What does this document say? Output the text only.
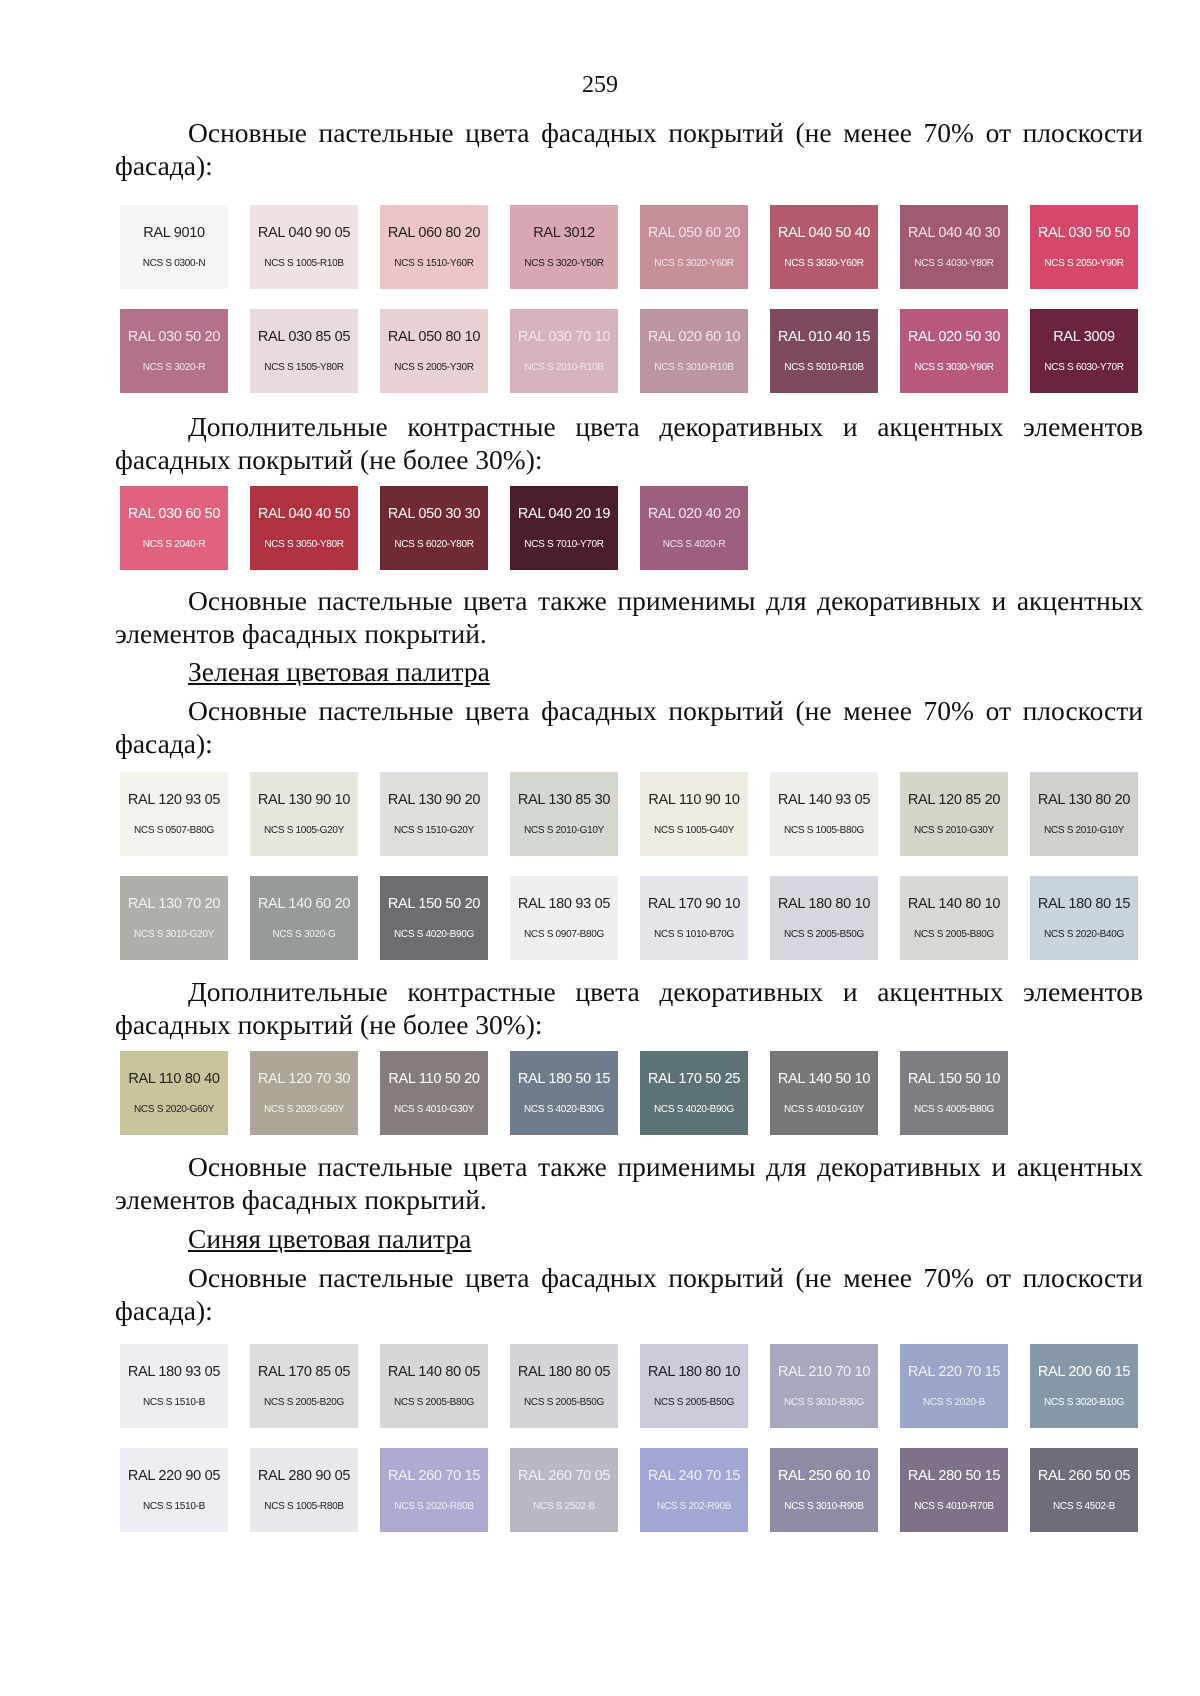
259

Основные пастельные цвета фасадных покрытий (не менее 70% от плоскости фасада):

RAL 9010
NCS S 0300-N
RAL 040 90 05
NCS S 1005-R10B
RAL 060 80 20
NCS S 1510-Y60R
RAL 3012
NCS S 3020-Y50R
RAL 050 60 20
NCS S 3020-Y60R
RAL 040 50 40
NCS S 3030-Y60R
RAL 040 40 30
NCS S 4030-Y80R
RAL 030 50 50
NCS S 2050-Y90R
RAL 030 50 20
NCS S 3020-R
RAL 030 85 05
NCS S 1505-Y80R
RAL 050 80 10
NCS S 2005-Y30R
RAL 030 70 10
NCS S 2010-R10B
RAL 020 60 10
NCS S 3010-R10B
RAL 010 40 15
NCS S 5010-R10B
RAL 020 50 30
NCS S 3030-Y90R
RAL 3009
NCS S 6030-Y70R

Дополнительные контрастные цвета декоративных и акцентных элементов фасадных покрытий (не более 30%):

RAL 030 60 50
NCS S 2040-R
RAL 040 40 50
NCS S 3050-Y80R
RAL 050 30 30
NCS S 6020-Y80R
RAL 040 20 19
NCS S 7010-Y70R
RAL 020 40 20
NCS S 4020-R

Основные пастельные цвета также применимы для декоративных и акцентных элементов фасадных покрытий.

Зеленая цветовая палитра

Основные пастельные цвета фасадных покрытий (не менее 70% от плоскости фасада):

RAL 120 93 05
NCS S 0507-B80G
RAL 130 90 10
NCS S 1005-G20Y
RAL 130 90 20
NCS S 1510-G20Y
RAL 130 85 30
NCS S 2010-G10Y
RAL 110 90 10
NCS S 1005-G40Y
RAL 140 93 05
NCS S 1005-B80G
RAL 120 85 20
NCS S 2010-G30Y
RAL 130 80 20
NCS S 2010-G10Y
RAL 130 70 20
NCS S 3010-G20Y
RAL 140 60 20
NCS S 3020-G
RAL 150 50 20
NCS S 4020-B90G
RAL 180 93 05
NCS S 0907-B80G
RAL 170 90 10
NCS S 1010-B70G
RAL 180 80 10
NCS S 2005-B50G
RAL 140 80 10
NCS S 2005-B80G
RAL 180 80 15
NCS S 2020-B40G

Дополнительные контрастные цвета декоративных и акцентных элементов фасадных покрытий (не более 30%):

RAL 110 80 40
NCS S 2020-G60Y
RAL 120 70 30
NCS S 2020-G50Y
RAL 110 50 20
NCS S 4010-G30Y
RAL 180 50 15
NCS S 4020-B30G
RAL 170 50 25
NCS S 4020-B90G
RAL 140 50 10
NCS S 4010-G10Y
RAL 150 50 10
NCS S 4005-B80G

Основные пастельные цвета также применимы для декоративных и акцентных элементов фасадных покрытий.

Синяя цветовая палитра

Основные пастельные цвета фасадных покрытий (не менее 70% от плоскости фасада):

RAL 180 93 05
NCS S 1510-B
RAL 170 85 05
NCS S 2005-B20G
RAL 140 80 05
NCS S 2005-B80G
RAL 180 80 05
NCS S 2005-B50G
RAL 180 80 10
NCS S 2005-B50G
RAL 210 70 10
NCS S 3010-B30G
RAL 220 70 15
NCS S 2020-B
RAL 200 60 15
NCS S 3020-B10G
RAL 220 90 05
NCS S 1510-B
RAL 280 90 05
NCS S 1005-R80B
RAL 260 70 15
NCS S 2020-R80B
RAL 260 70 05
NCS S 2502-B
RAL 240 70 15
NCS S 202-R90B
RAL 250 60 10
NCS S 3010-R90B
RAL 280 50 15
NCS S 4010-R70B
RAL 260 50 05
NCS S 4502-B
